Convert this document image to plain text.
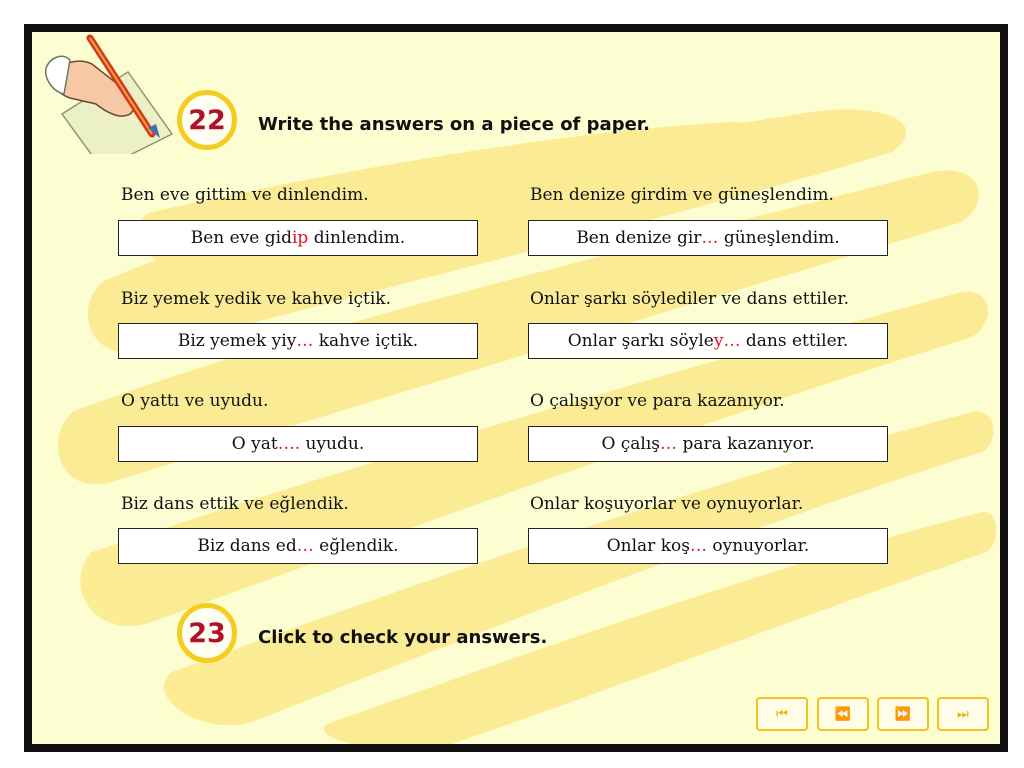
22 Write the answers on a piece of paper.
Ben eve gittim ve dinlendim.
Ben eve gid ip dinlendim.
Ben denize girdim ve güneşlendim.
Ben denize gir … güneşlendim.
Biz yemek yedik ve kahve içtik.
Biz yemek yiy … kahve içtik.
Onlar şarkı söylediler ve dans ettiler.
Onlar şarkı söyle y… dans ettiler.
O yattı ve uyudu.
O yat …. uyudu.
O çalışıyor ve para kazanıyor.
O çalış … para kazanıyor.
Biz dans ettik ve eğlendik.
Biz dans ed … eğlendik.
Onlar koşuyorlar ve oynuyorlar.
Onlar koş … oynuyorlar.
23 Click to check your answers.
⏮	⏪	⏩	⏭
